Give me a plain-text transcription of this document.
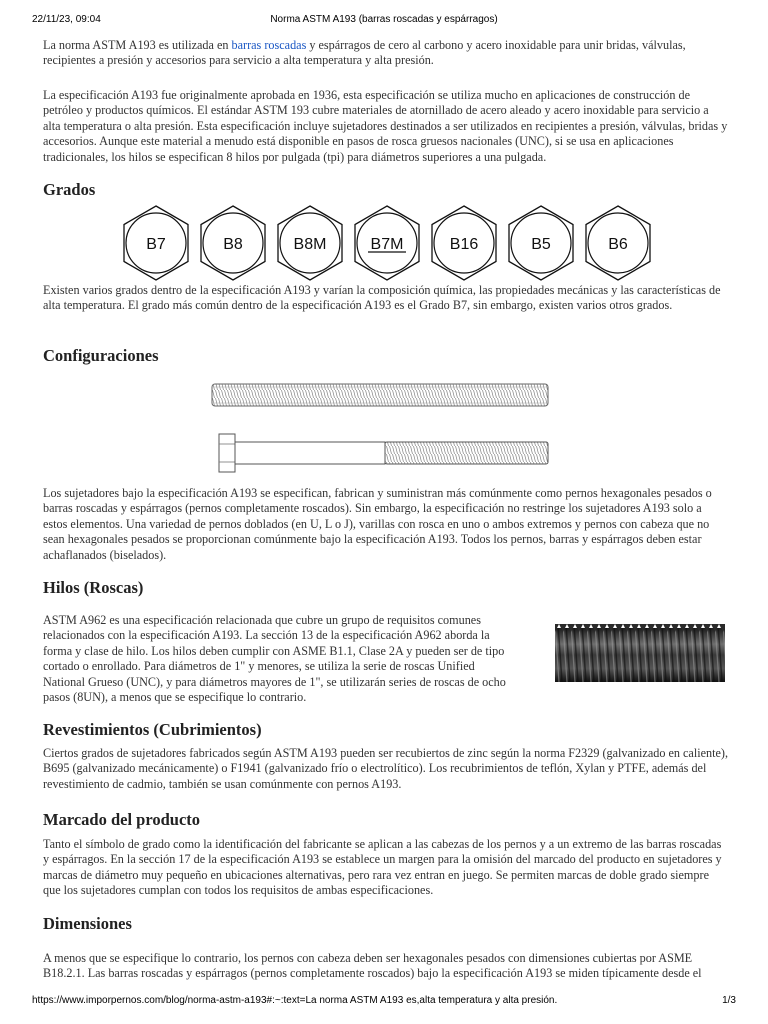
22/11/23, 09:04	Norma ASTM A193 (barras roscadas y espárragos)

La norma ASTM A193 es utilizada en barras roscadas y espárragos de cero al carbono y acero inoxidable para unir bridas, válvulas, recipientes a presión y accesorios para servicio a alta temperatura y alta presión.

La especificación A193 fue originalmente aprobada en 1936, esta especificación se utiliza mucho en aplicaciones de construcción de petróleo y productos químicos. El estándar ASTM 193 cubre materiales de atornillado de acero aleado y acero inoxidable para servicio a alta temperatura o alta presión. Esta especificación incluye sujetadores destinados a ser utilizados en recipientes a presión, válvulas, bridas y accesorios. Aunque este material a menudo está disponible en pasos de rosca gruesos nacionales (UNC), si se usa en aplicaciones tradicionales, los hilos se especifican 8 hilos por pulgada (tpi) para diámetros superiores a una pulgada.

Grados
B7	B8	B8M	B7M	B16	B5	B6

Existen varios grados dentro de la especificación A193 y varían la composición química, las propiedades mecánicas y las características de alta temperatura. El grado más común dentro de la especificación A193 es el Grado B7, sin embargo, existen varios otros grados.

Configuraciones

Los sujetadores bajo la especificación A193 se especifican, fabrican y suministran más comúnmente como pernos hexagonales pesados o barras roscadas y espárragos (pernos completamente roscados). Sin embargo, la especificación no restringe los sujetadores A193 solo a estos elementos. Una variedad de pernos doblados (en U, L o J), varillas con rosca en uno o ambos extremos y pernos con cabeza que no sean hexagonales pesados se proporcionan comúnmente bajo la especificación A193. Todos los pernos, barras y espárragos deben estar achaflanados (biselados).

Hilos (Roscas)

ASTM A962 es una especificación relacionada que cubre un grupo de requisitos comunes relacionados con la especificación A193. La sección 13 de la especificación A962 aborda la forma y clase de hilo. Los hilos deben cumplir con ASME B1.1, Clase 2A y pueden ser de tipo cortado o enrollado. Para diámetros de 1" y menores, se utiliza la serie de roscas Unified National Grueso (UNC), y para diámetros mayores de 1", se utilizarán series de roscas de ocho pasos (8UN), a menos que se especifique lo contrario.

Revestimientos (Cubrimientos)

Ciertos grados de sujetadores fabricados según ASTM A193 pueden ser recubiertos de zinc según la norma F2329 (galvanizado en caliente), B695 (galvanizado mecánicamente) o F1941 (galvanizado frío o electrolítico). Los recubrimientos de teflón, Xylan y PTFE, además del revestimiento de cadmio, también se usan comúnmente con pernos A193.

Marcado del producto

Tanto el símbolo de grado como la identificación del fabricante se aplican a las cabezas de los pernos y a un extremo de las barras roscadas y espárragos. En la sección 17 de la especificación A193 se establece un margen para la omisión del marcado del producto en sujetadores y marcas de diámetro muy pequeño en ubicaciones alternativas, pero rara vez entran en juego. Se permiten marcas de doble grado siempre que los sujetadores cumplan con todos los requisitos de ambas especificaciones.

Dimensiones

A menos que se especifique lo contrario, los pernos con cabeza deben ser hexagonales pesados con dimensiones cubiertas por ASME B18.2.1. Las barras roscadas y espárragos (pernos completamente roscados) bajo la especificación A193 se miden típicamente desde el

https://www.imporpernos.com/blog/norma-astm-a193#:~:text=La norma ASTM A193 es,alta temperatura y alta presión.	1/3
